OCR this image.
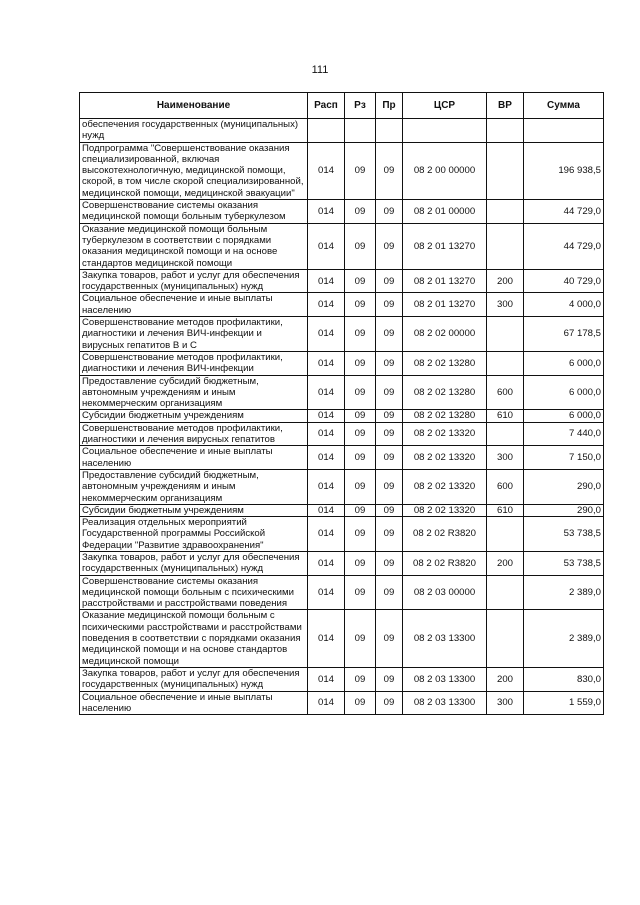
111
Наименование	Расп	Рз	Пр	ЦСР	ВР	Сумма
обеспечения государственных (муниципальных) нужд						
Подпрограмма "Совершенствование оказания специализированной, включая высокотехнологичную, медицинской помощи, скорой, в том числе скорой специализированной, медицинской помощи, медицинской эвакуации"	014	09	09	08 2 00 00000		196 938,5
Совершенствование системы оказания медицинской помощи больным туберкулезом	014	09	09	08 2 01 00000		44 729,0
Оказание медицинской помощи больным туберкулезом в соответствии с порядками оказания медицинской помощи и на основе стандартов медицинской помощи	014	09	09	08 2 01 13270		44 729,0
Закупка товаров, работ и услуг для обеспечения государственных (муниципальных) нужд	014	09	09	08 2 01 13270	200	40 729,0
Социальное обеспечение и иные выплаты населению	014	09	09	08 2 01 13270	300	4 000,0
Совершенствование методов профилактики, диагностики и лечения ВИЧ-инфекции и вирусных гепатитов В и С	014	09	09	08 2 02 00000		67 178,5
Совершенствование методов профилактики, диагностики и лечения ВИЧ-инфекции	014	09	09	08 2 02 13280		6 000,0
Предоставление субсидий бюджетным, автономным учреждениям и иным некоммерческим организациям	014	09	09	08 2 02 13280	600	6 000,0
Субсидии бюджетным учреждениям	014	09	09	08 2 02 13280	610	6 000,0
Совершенствование методов профилактики, диагностики и лечения вирусных гепатитов	014	09	09	08 2 02 13320		7 440,0
Социальное обеспечение и иные выплаты населению	014	09	09	08 2 02 13320	300	7 150,0
Предоставление субсидий бюджетным, автономным учреждениям и иным некоммерческим организациям	014	09	09	08 2 02 13320	600	290,0
Субсидии бюджетным учреждениям	014	09	09	08 2 02 13320	610	290,0
Реализация отдельных мероприятий Государственной программы Российской Федерации "Развитие здравоохранения"	014	09	09	08 2 02 R3820		53 738,5
Закупка товаров, работ и услуг для обеспечения государственных (муниципальных) нужд	014	09	09	08 2 02 R3820	200	53 738,5
Совершенствование системы оказания медицинской помощи больным с психическими расстройствами и расстройствами поведения	014	09	09	08 2 03 00000		2 389,0
Оказание медицинской помощи больным с психическими расстройствами и расстройствами поведения в соответствии с порядками оказания медицинской помощи и на основе стандартов медицинской помощи	014	09	09	08 2 03 13300		2 389,0
Закупка товаров, работ и услуг для обеспечения государственных (муниципальных) нужд	014	09	09	08 2 03 13300	200	830,0
Социальное обеспечение и иные выплаты населению	014	09	09	08 2 03 13300	300	1 559,0
